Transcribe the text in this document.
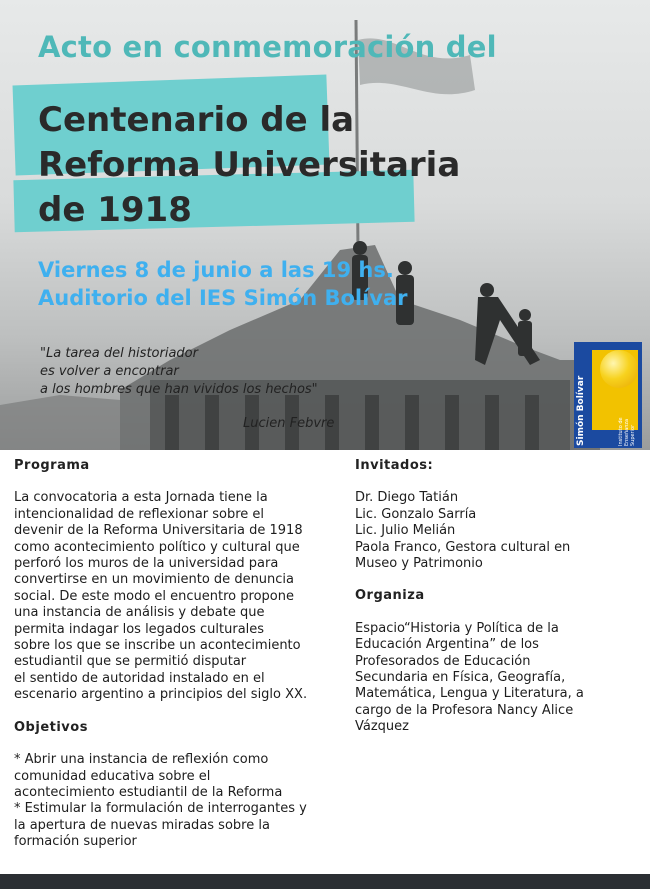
Acto en conmemoración del
Centenario de la
Reforma Universitaria
de 1918
Viernes 8 de junio a las 19 hs.
Auditorio del IES Simón Bolívar
"La tarea del historiador
es volver a encontrar
a los hombres que han vividos los hechos"
Lucien Febvre	Simón Bolívar	Instituto de
Enseñanza
Superior
Programa

La convocatoria a esta Jornada tiene la

intencionalidad de reflexionar sobre el

devenir de la Reforma Universitaria de 1918

como acontecimiento político y cultural que

perforó los muros de la universidad para

convertirse en un movimiento de denuncia

social. De este modo el encuentro propone

una instancia de análisis y debate que

permita indagar los legados culturales

sobre los que se inscribe un acontecimiento

estudiantil que se permitió disputar

el sentido de autoridad instalado en el

escenario argentino a principios del siglo XX.

Objetivos

* Abrir una instancia de reflexión como

comunidad educativa sobre el

acontecimiento estudiantil de la Reforma

* Estimular la formulación de interrogantes y

la apertura de nuevas miradas sobre la

formación superior

Invitados:

Dr. Diego Tatián

Lic. Gonzalo Sarría

Lic. Julio Melián

Paola Franco, Gestora cultural en

Museo y Patrimonio

Organiza

Espacio“Historia y Política de la

Educación Argentina” de los

Profesorados de Educación

Secundaria en Física, Geografía,

Matemática, Lengua y Literatura, a

cargo de la Profesora Nancy Alice

Vázquez
